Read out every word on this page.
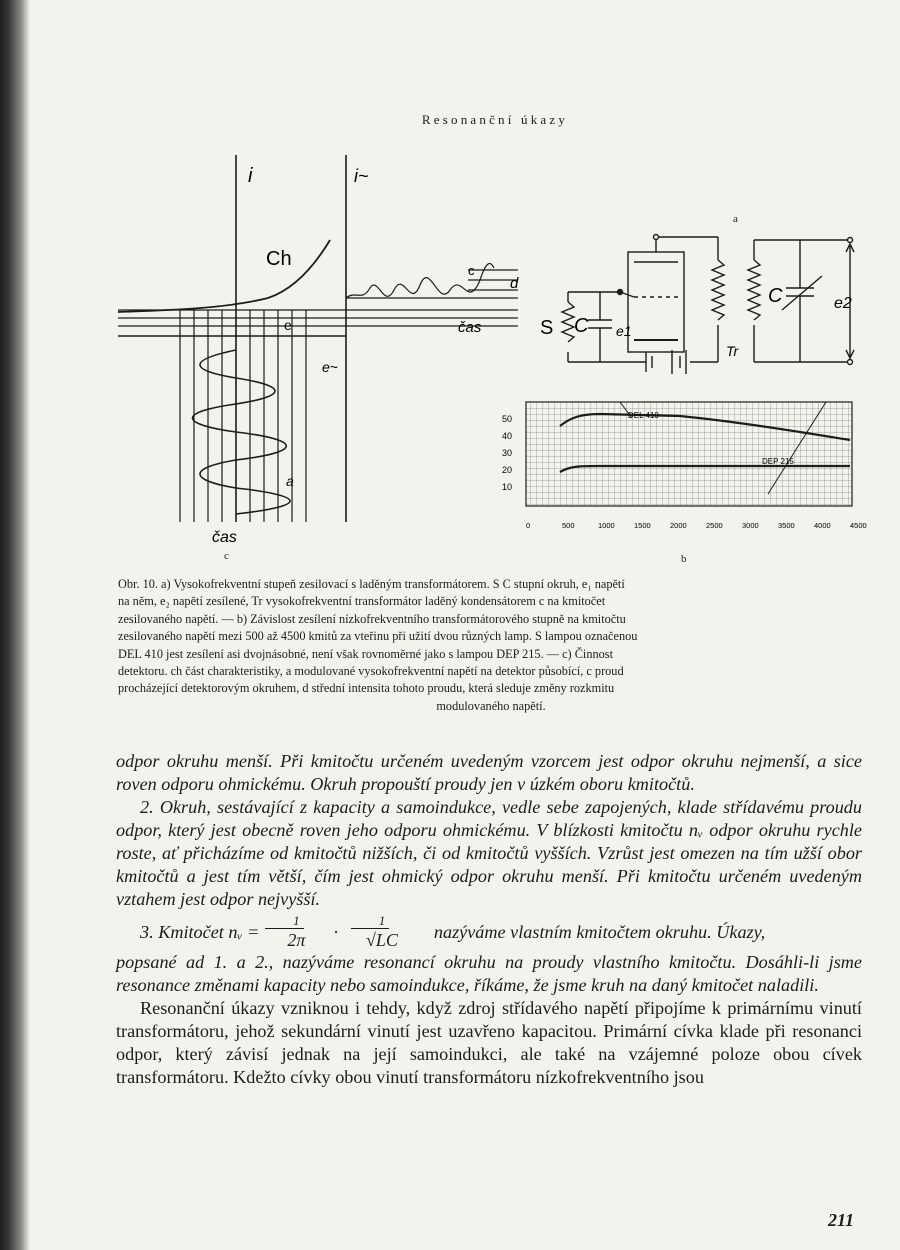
Resonanční úkazy
i	i~
Ch
c
d
e	čas
e~
a
čas
c
a
S C e1
Tr
C	e2
50
40
30
20
10
0	500	1000	1500	2000	2500	3000	3500	4000	4500
DEL 410
DEP 215
b
Obr. 10. a) Vysokofrekventní stupeň zesilovací s laděným transformátorem. S C stupní okruh, e₁ napětí
na něm, e₂ napětí zesílené, Tr vysokofrekventní transformátor laděný kondensátorem c na kmitočet
zesilovaného napětí. — b) Závislost zesílení nízkofrekventního transformátorového stupně na kmitočtu
zesilovaného napětí mezi 500 až 4500 kmitů za vteřinu při užití dvou různých lamp. S lampou označenou
DEL 410 jest zesílení asi dvojnásobné, není však rovnoměrné jako s lampou DEP 215. — c) Činnost
detektoru. ch část charakteristiky, a modulované vysokofrekventní napětí na detektor působící, c proud
procházející detektorovým okruhem, d střední intensita tohoto proudu, která sleduje změny rozkmitu
modulovaného napětí.

odpor okruhu menší. Při kmitočtu určeném uvedeným vzorcem jest odpor okruhu nejmenší, a sice roven odporu ohmickému. Okruh propouští proudy jen v úzkém oboru kmitočtů.

2. Okruh, sestávající z kapacity a samoindukce, vedle sebe zapojených, klade střídavému proudu odpor, který jest obecně roven jeho odporu ohmickému. V blízkosti kmitočtu nᵥ odpor okruhu rychle roste, ať přicházíme od kmitočtů nižších, či od kmitočtů vyšších. Vzrůst jest omezen na tím užší obor kmitočtů a jest tím větší, čím jest ohmický odpor okruhu menší. Při kmitočtu určeném uvedeným vztahem jest odpor nejvyšší.

3. Kmitočet nᵥ = $\frac{1}{2\pi}$	· $\frac{1}{√LC}$	nazýváme vlastním kmitočtem okruhu. Úkazy,

popsané ad 1. a 2., nazýváme resonancí okruhu na proudy vlastního kmitočtu. Dosáhli-li jsme resonance změnami kapacity nebo samoindukce, říkáme, že jsme kruh na daný kmitočet naladili.

Resonanční úkazy vzniknou i tehdy, když zdroj střídavého napětí připojíme k primárnímu vinutí transformátoru, jehož sekundární vinutí jest uzavřeno kapacitou. Primární cívka klade při resonanci odpor, který závisí jednak na její samoindukci, ale také na vzájemné poloze obou cívek transformátoru. Kdežto cívky obou vinutí transformátoru nízkofrekventního jsou

211
